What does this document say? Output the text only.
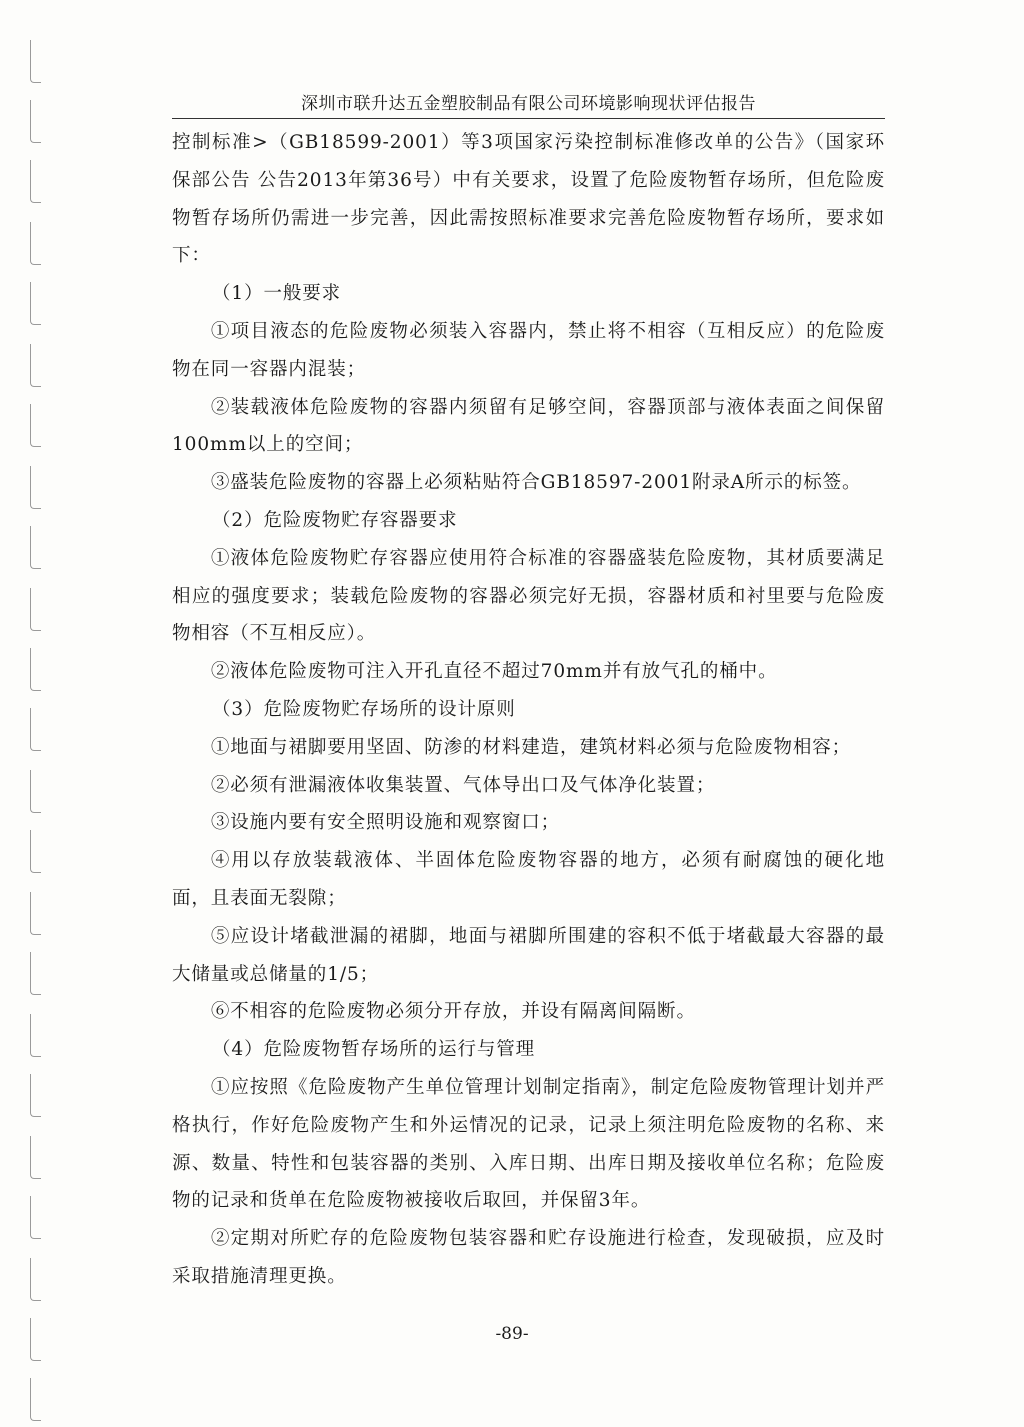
深圳市联升达五金塑胶制品有限公司环境影响现状评估报告

控制标准>（GB18599-2001）等3项国家污染控制标准修改单的公告》（国家环保部公告 公告2013年第36号）中有关要求，设置了危险废物暂存场所，但危险废物暂存场所仍需进一步完善，因此需按照标准要求完善危险废物暂存场所，要求如下：

（1）一般要求

①项目液态的危险废物必须装入容器内，禁止将不相容（互相反应）的危险废物在同一容器内混装；

②装载液体危险废物的容器内须留有足够空间，容器顶部与液体表面之间保留100mm以上的空间；

③盛装危险废物的容器上必须粘贴符合GB18597-2001附录A所示的标签。

（2）危险废物贮存容器要求

①液体危险废物贮存容器应使用符合标准的容器盛装危险废物，其材质要满足相应的强度要求；装载危险废物的容器必须完好无损，容器材质和衬里要与危险废物相容（不互相反应）。

②液体危险废物可注入开孔直径不超过70mm并有放气孔的桶中。

（3）危险废物贮存场所的设计原则

①地面与裙脚要用坚固、防渗的材料建造，建筑材料必须与危险废物相容；

②必须有泄漏液体收集装置、气体导出口及气体净化装置；

③设施内要有安全照明设施和观察窗口；

④用以存放装载液体、半固体危险废物容器的地方，必须有耐腐蚀的硬化地面，且表面无裂隙；

⑤应设计堵截泄漏的裙脚，地面与裙脚所围建的容积不低于堵截最大容器的最大储量或总储量的1/5；

⑥不相容的危险废物必须分开存放，并设有隔离间隔断。

（4）危险废物暂存场所的运行与管理

①应按照《危险废物产生单位管理计划制定指南》，制定危险废物管理计划并严格执行，作好危险废物产生和外运情况的记录，记录上须注明危险废物的名称、来源、数量、特性和包装容器的类别、入库日期、出库日期及接收单位名称；危险废物的记录和货单在危险废物被接收后取回，并保留3年。

②定期对所贮存的危险废物包装容器和贮存设施进行检查，发现破损，应及时采取措施清理更换。

-89-
